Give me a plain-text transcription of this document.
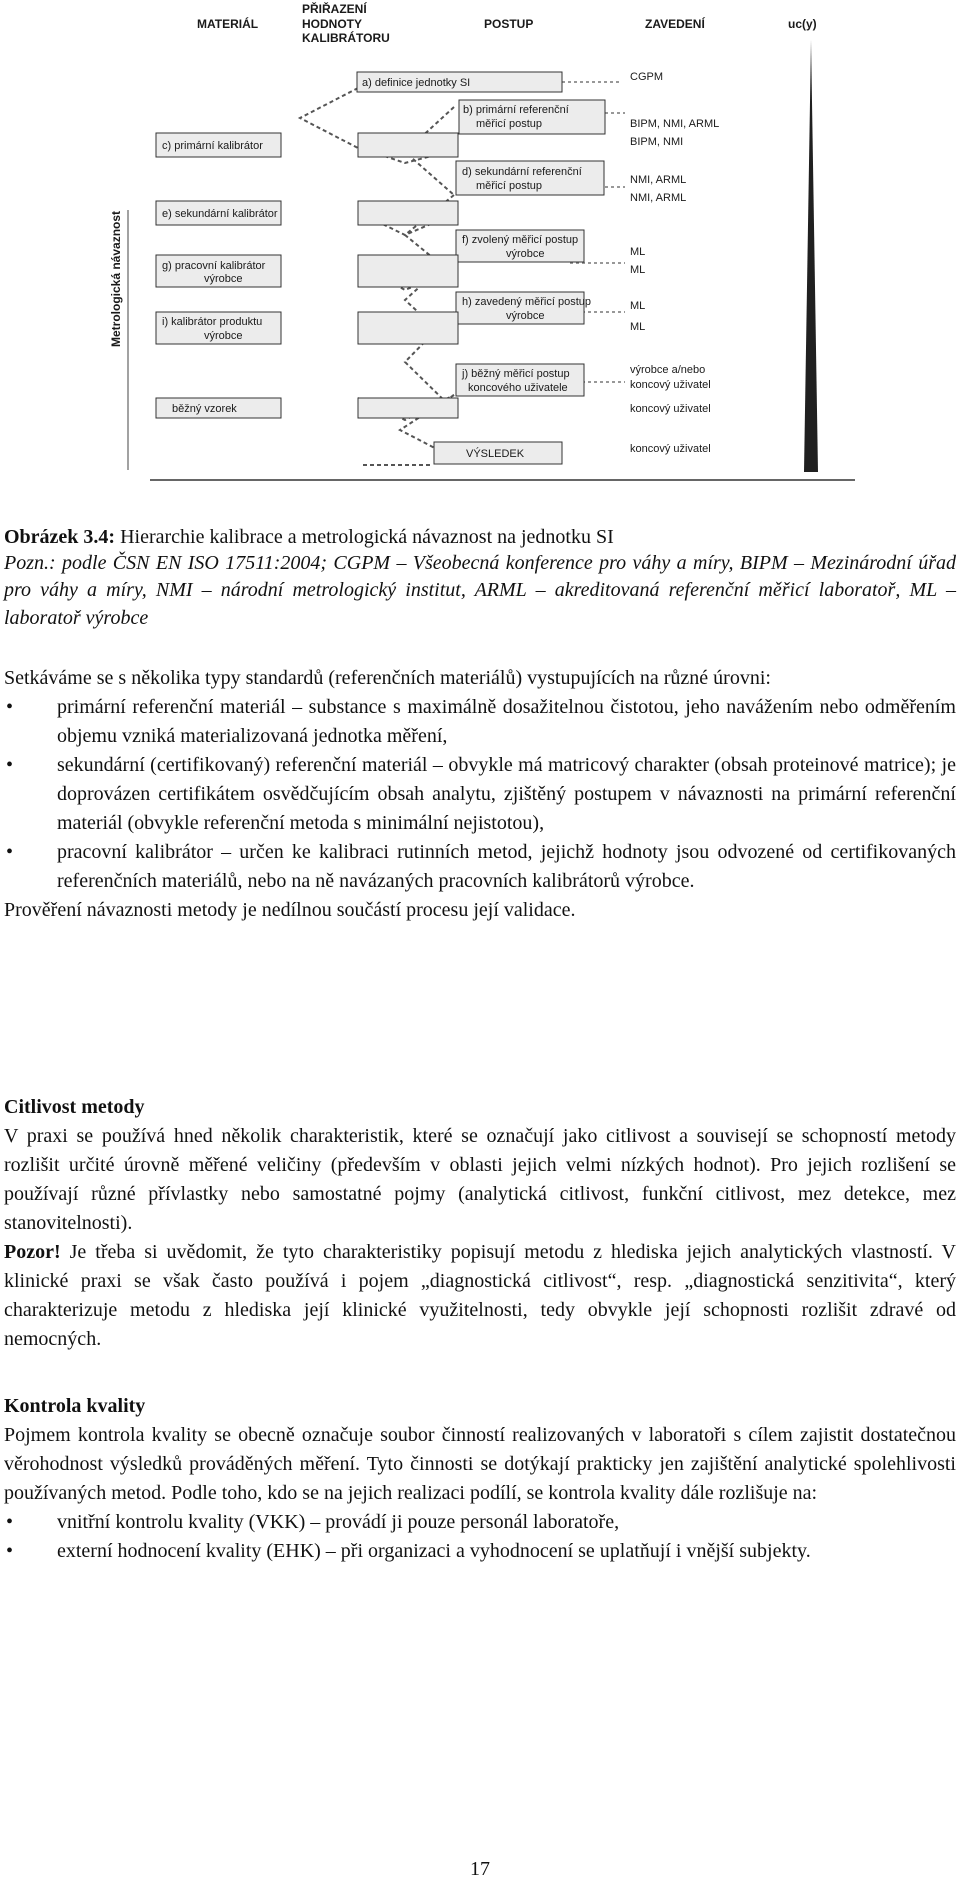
MATERIÁL
PŘIŘAZENÍ
HODNOTY
KALIBRÁTORU
POSTUP	ZAVEDENÍ	uc(y)
Metrologická návaznost
a) definice jednotky SI
b) primární referenční
měřicí postup
c) primární kalibrátor
d) sekundární referenční
měřicí postup
e) sekundární kalibrátor
f) zvolený měřicí postup
výrobce
g) pracovní kalibrátor
výrobce
h) zavedený měřicí postup
výrobce
i) kalibrátor produktu
výrobce
j) běžný měřicí postup
koncového uživatele
běžný vzorek
VÝSLEDEK
CGPM
BIPM, NMI, ARML
BIPM, NMI
NMI, ARML
NMI, ARML
ML
ML
ML
ML
výrobce a/nebo
koncový uživatel
koncový uživatel
koncový uživatel
Obrázek 3.4: Hierarchie kalibrace a metrologická návaznost na jednotku SI
Pozn.: podle ČSN EN ISO 17511:2004; CGPM – Všeobecná konference pro váhy a míry, BIPM – Mezinárodní úřad pro váhy a míry, NMI – národní metrologický institut, ARML – akreditovaná referenční měřicí laboratoř, ML – laboratoř výrobce

Setkáváme se s několika typy standardů (referenčních materiálů) vystupujících na různé úrovni:

• primární referenční materiál – substance s maximálně dosažitelnou čistotou, jeho navážením nebo odměřením objemu vzniká materializovaná jednotka měření,
• sekundární (certifikovaný) referenční materiál – obvykle má matricový charakter (obsah proteinové matrice); je doprovázen certifikátem osvědčujícím obsah analytu, zjištěný postupem v návaznosti na primární referenční materiál (obvykle referenční metoda s minimální nejistotou),
• pracovní kalibrátor – určen ke kalibraci rutinních metod, jejichž hodnoty jsou odvozené od certifikovaných referenčních materiálů, nebo na ně navázaných pracovních kalibrátorů výrobce.

Prověření návaznosti metody je nedílnou součástí procesu její validace.

Citlivost metody

V praxi se používá hned několik charakteristik, které se označují jako citlivost a souvisejí se schopností metody rozlišit určité úrovně měřené veličiny (především v oblasti jejich velmi nízkých hodnot). Pro jejich rozlišení se používají různé přívlastky nebo samostatné pojmy (analytická citlivost, funkční citlivost, mez detekce, mez stanovitelnosti).

Pozor! Je třeba si uvědomit, že tyto charakteristiky popisují metodu z hlediska jejich analytických vlastností. V klinické praxi se však často používá i pojem „diagnostická citlivost“, resp. „diagnostická senzitivita“, který charakterizuje metodu z hlediska její klinické využitelnosti, tedy obvykle její schopnosti rozlišit zdravé od nemocných.

Kontrola kvality

Pojmem kontrola kvality se obecně označuje soubor činností realizovaných v laboratoři s cílem zajistit dostatečnou věrohodnost výsledků prováděných měření. Tyto činnosti se dotýkají prakticky jen zajištění analytické spolehlivosti používaných metod. Podle toho, kdo se na jejich realizaci podílí, se kontrola kvality dále rozlišuje na:

• vnitřní kontrolu kvality (VKK) – provádí ji pouze personál laboratoře,
• externí hodnocení kvality (EHK) – při organizaci a vyhodnocení se uplatňují i vnější subjekty.
17
